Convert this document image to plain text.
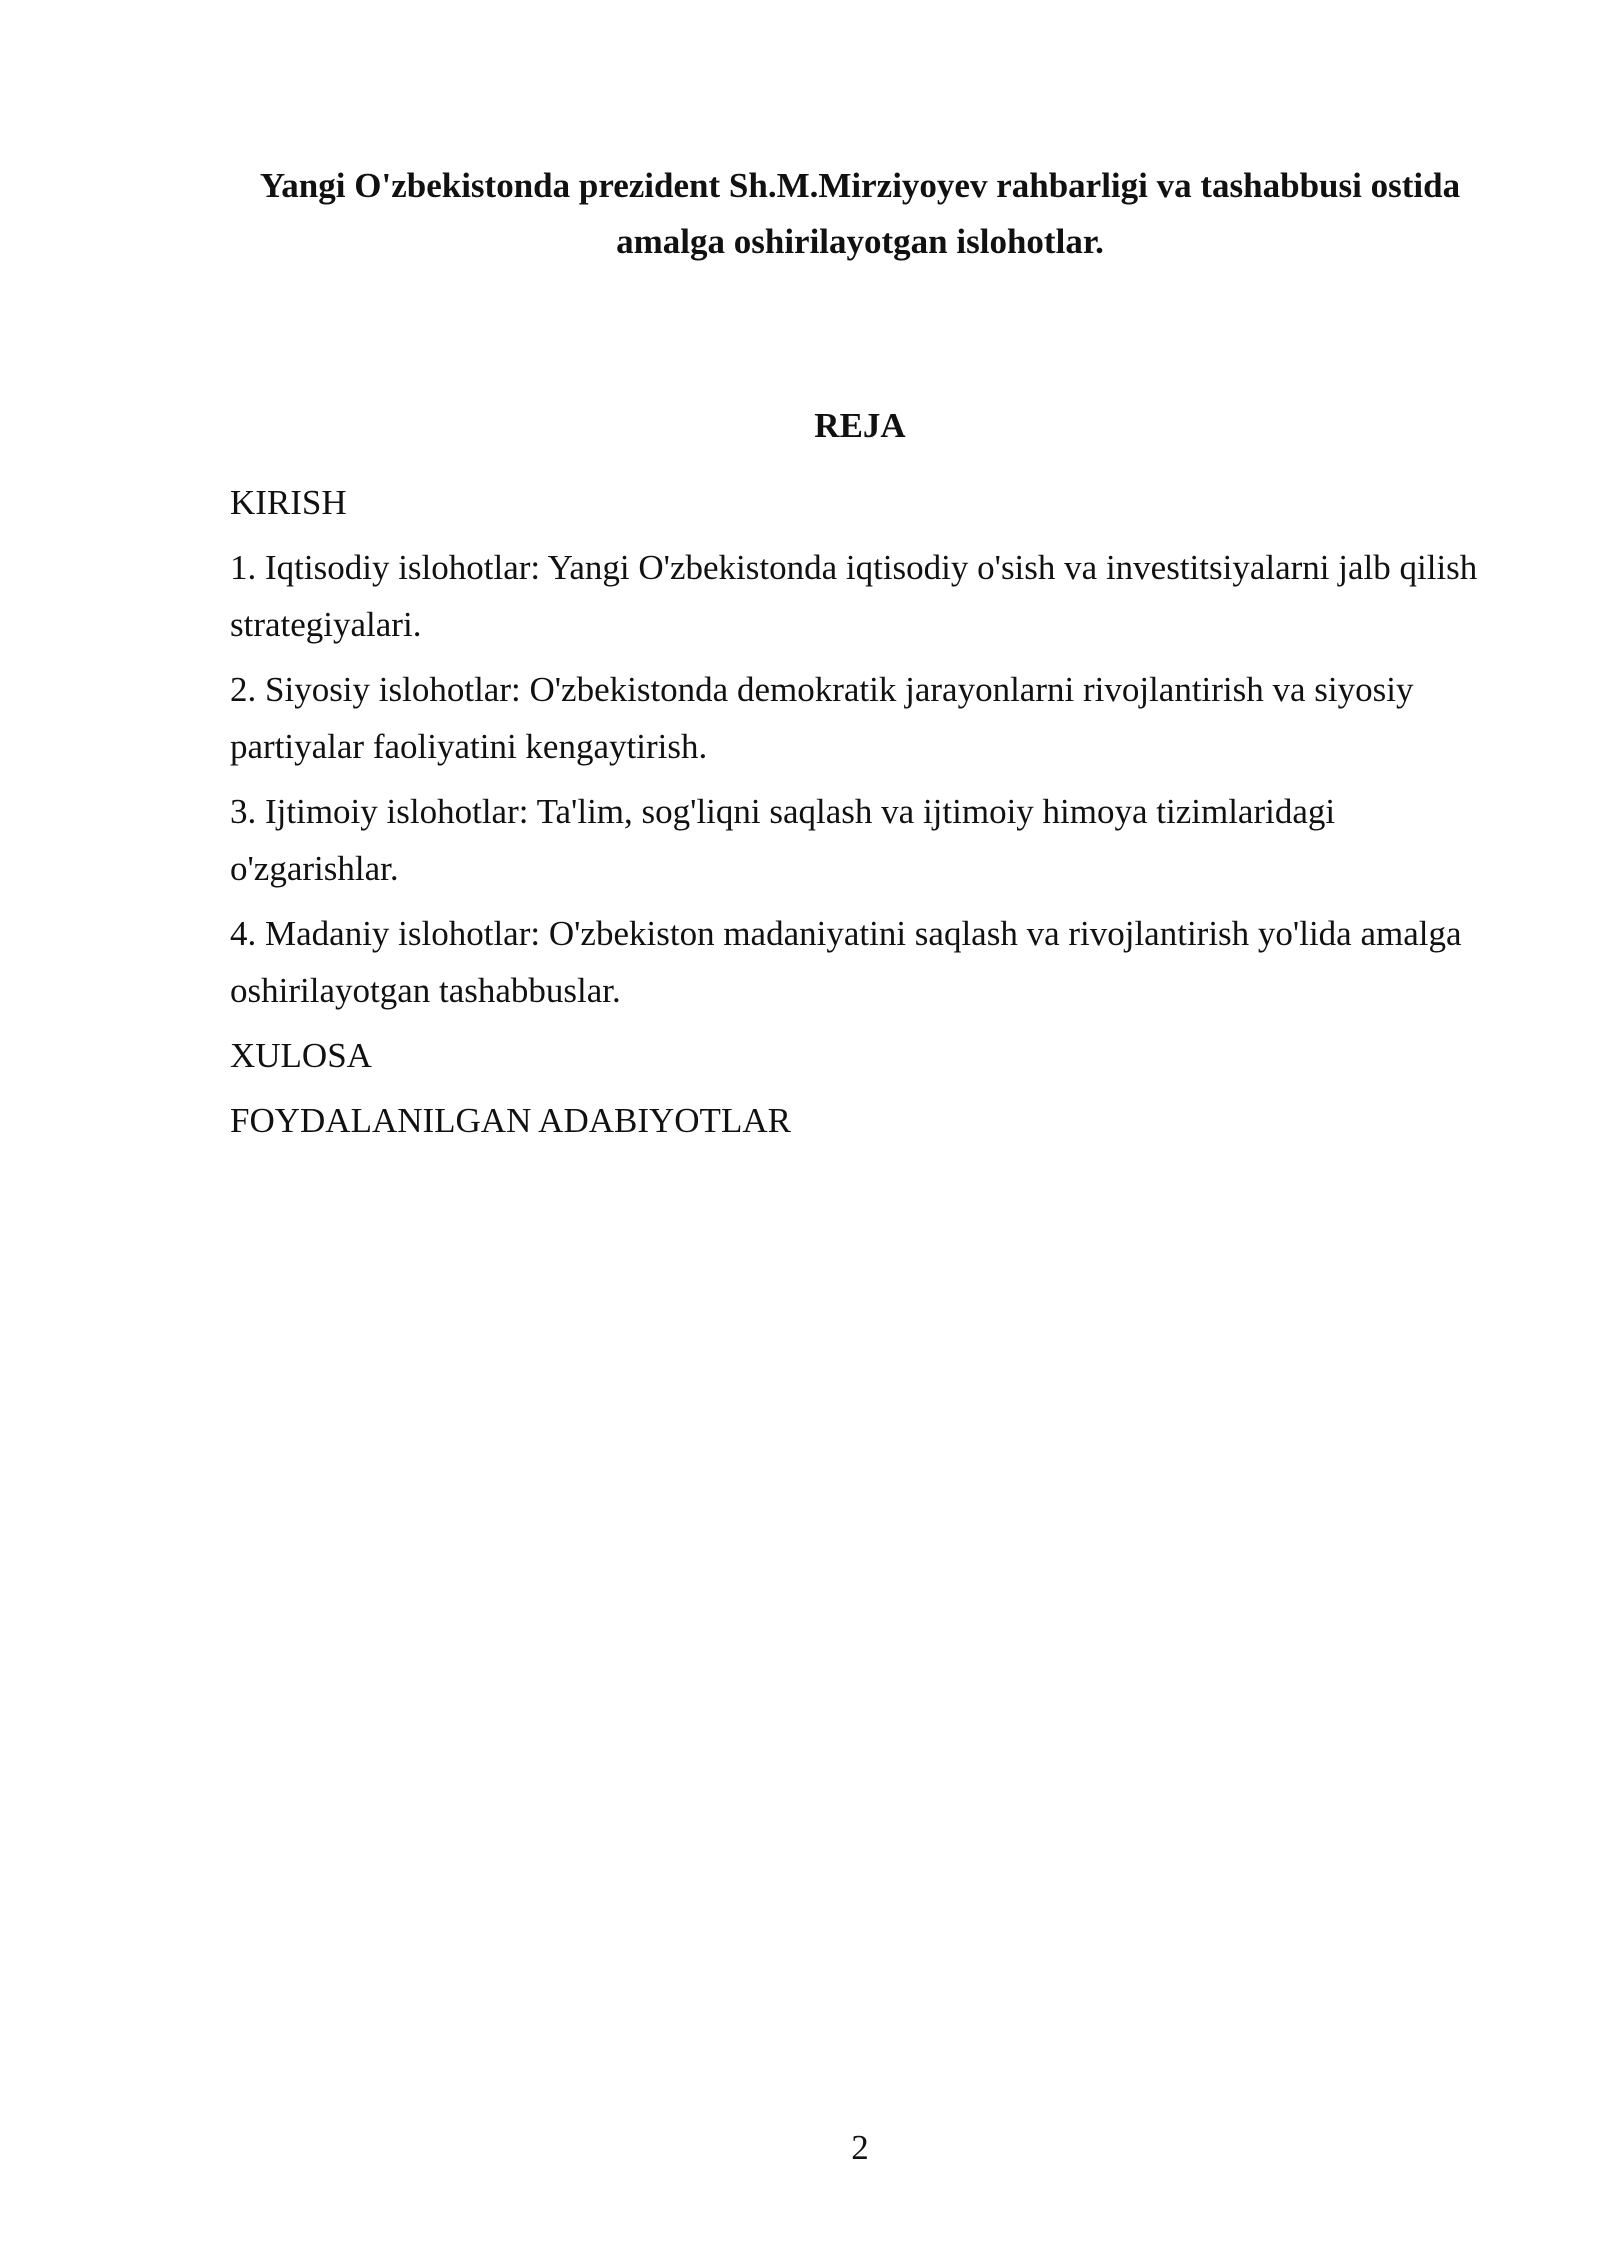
Yangi O'zbekistonda prezident Sh.M.Mirziyoyev rahbarligi va tashabbusi ostida amalga oshirilayotgan islohotlar.
REJA

KIRISH

1. Iqtisodiy islohotlar: Yangi O'zbekistonda iqtisodiy o'sish va investitsiyalarni jalb qilish strategiyalari.

2. Siyosiy islohotlar: O'zbekistonda demokratik jarayonlarni rivojlantirish va siyosiy partiyalar faoliyatini kengaytirish.

3. Ijtimoiy islohotlar: Ta'lim, sog'liqni saqlash va ijtimoiy himoya tizimlaridagi o'zgarishlar.

4. Madaniy islohotlar: O'zbekiston madaniyatini saqlash va rivojlantirish yo'lida amalga oshirilayotgan tashabbuslar.

XULOSA

FOYDALANILGAN ADABIYOTLAR

2
